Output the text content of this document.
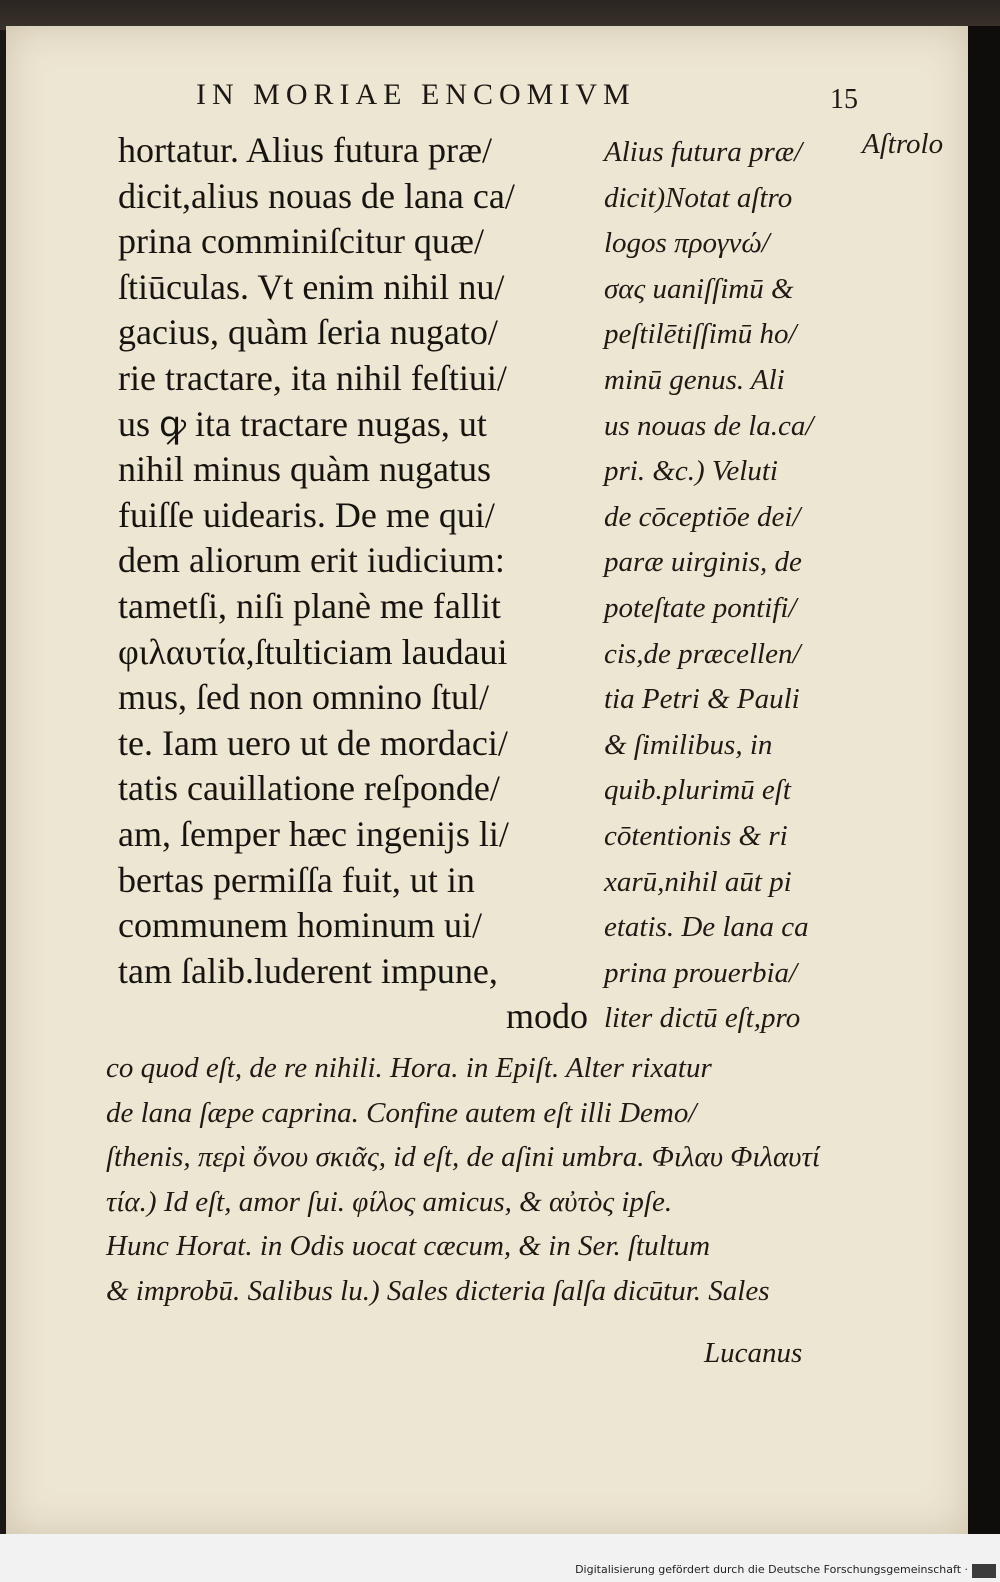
IN MORIAE ENCOMIVM	15
hortatur. Alius futura præ/
dicit,alius nouas de lana ca/
prina comminiſcitur quæ/
ſtiūculas. Vt enim nihil nu/
gacius, quàm ſeria nugato/
rie tractare, ita nihil feſtiui/
us ꝙ ita tractare nugas, ut
nihil minus quàm nugatus
fuiſſe uidearis. De me qui/
dem aliorum erit iudicium:
tametſi, niſi planè me fallit
φιλαυτία,ſtulticiam laudaui
mus, ſed non omnino ſtul/
te. Iam uero ut de mordaci/
tatis cauillatione reſponde/
am, ſemper hæc ingenijs li/
bertas permiſſa fuit, ut in
communem hominum ui/
tam ſalib.luderent impune,
modo
Alius futura præ/
dicit)Notat aſtro
logos προγνώ/
σας uaniſſimū &
peſtilētiſſimū ho/
minū genus. Ali
us nouas de la.ca/
pri. &c.) Veluti
de cōceptiōe dei/
paræ uirginis, de
poteſtate pontifi/
cis,de præcellen/
tia Petri & Pauli
& ſimilibus, in
quib.plurimū eſt
cōtentionis & ri
xarū,nihil aūt pi
etatis. De lana ca
prina prouerbia/
liter dictū eſt,pro
Aſtrolo
co quod eſt, de re nihili. Hora. in Epiſt. Alter rixatur
de lana ſæpe caprina. Confine autem eſt illi Demo/
ſthenis, περὶ ὄνου σκιᾶς, id eſt, de aſini umbra. Φιλαυ Φιλαυτί
τία.) Id eſt, amor ſui. φίλος amicus, & αὐτὸς ipſe.
Hunc Horat. in Odis uocat cæcum, & in Ser. ſtultum
& improbū. Salibus lu.) Sales dicteria ſalſa dicūtur. Sales
Lucanus
Digitalisierung gefördert durch die Deutsche Forschungsgemeinschaft ·
